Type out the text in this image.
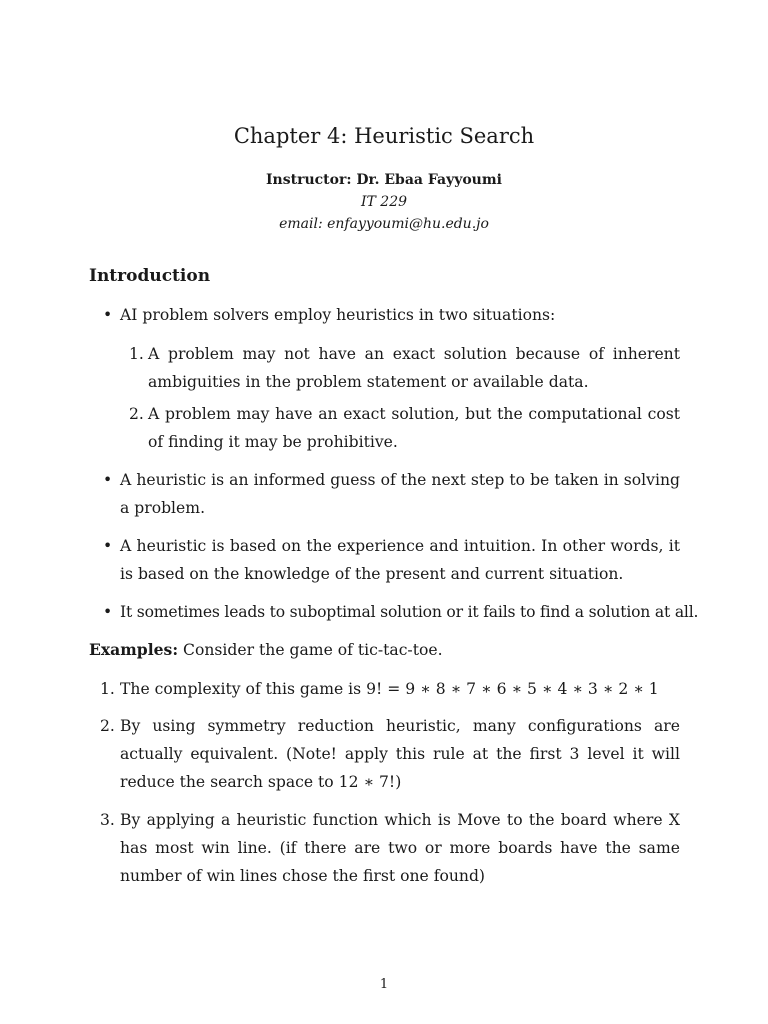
Chapter 4: Heuristic Search
Instructor: Dr. Ebaa Fayyoumi
IT 229
email: enfayyoumi@hu.edu.jo
Introduction
• AI problem solvers employ heuristics in two situations:
1. A problem may not have an exact solution because of inherent ambiguities in the problem statement or available data.
2. A problem may have an exact solution, but the computational cost of finding it may be prohibitive.
• A heuristic is an informed guess of the next step to be taken in solving a problem.
• A heuristic is based on the experience and intuition. In other words, it is based on the knowledge of the present and current situation.
• It sometimes leads to suboptimal solution or it fails to find a solution at all.
Examples: Consider the game of tic-tac-toe.
1. The complexity of this game is 9! = 9 ∗ 8 ∗ 7 ∗ 6 ∗ 5 ∗ 4 ∗ 3 ∗ 2 ∗ 1
2. By using symmetry reduction heuristic, many configurations are actually equivalent. (Note! apply this rule at the first 3 level it will reduce the search space to 12 ∗ 7!)
3. By applying a heuristic function which is Move to the board where X has most win line. (if there are two or more boards have the same number of win lines chose the first one found)
1
